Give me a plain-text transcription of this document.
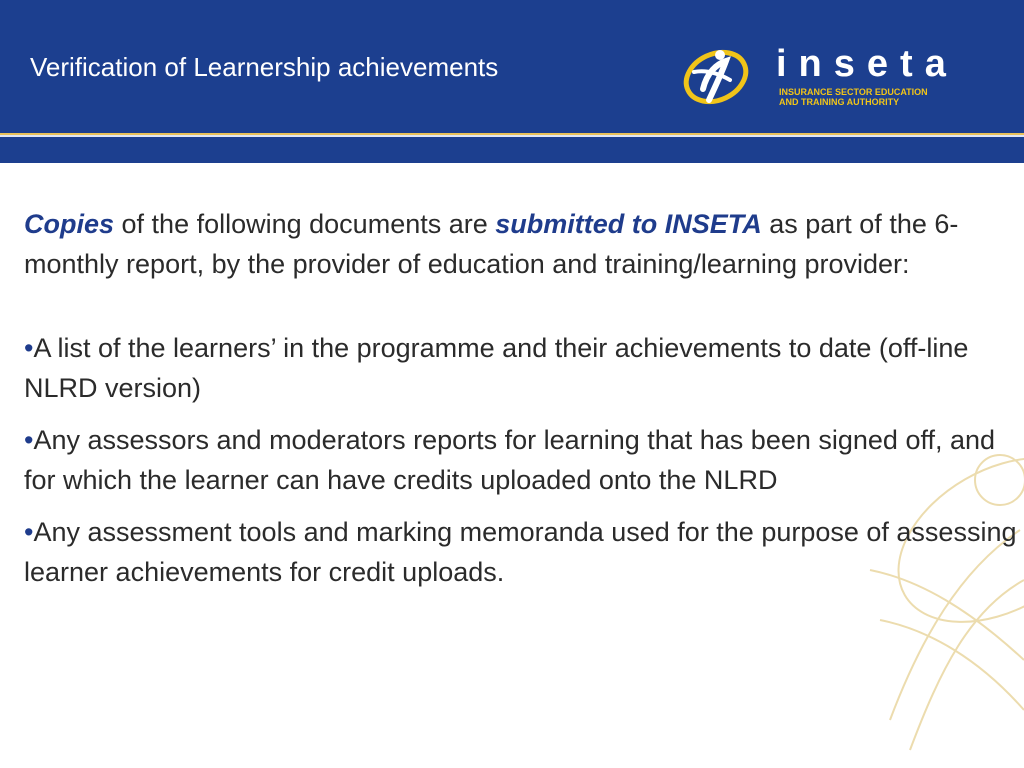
Verification of Learnership achievements	inseta
INSURANCE SECTOR EDUCATION
AND TRAINING AUTHORITY

Copies of the following documents are submitted to INSETA as part of the 6-monthly report, by the provider of education and training/learning provider:

•A list of the learners’ in the programme and their achievements to date (off-line NLRD version)

•Any assessors and moderators reports for learning that has been signed off, and for which the learner can have credits uploaded onto the NLRD

•Any assessment tools and marking memoranda used for the purpose of assessing learner achievements for credit uploads.
